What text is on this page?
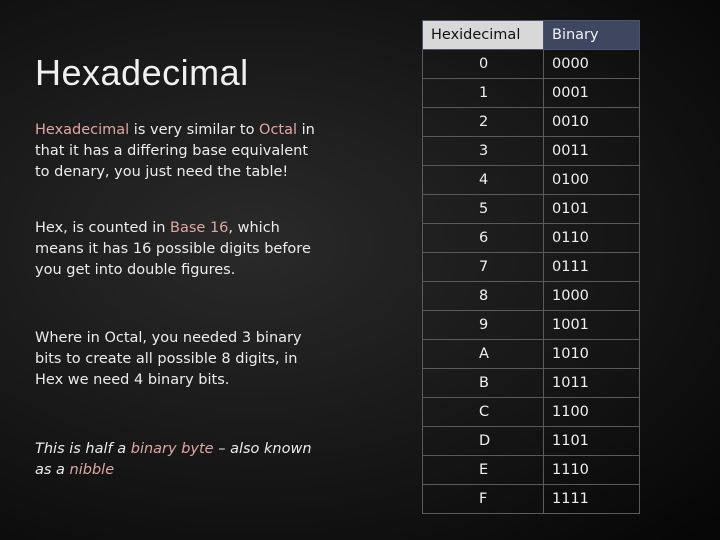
Hexadecimal

Hexadecimal is very similar to Octal in that it has a differing base equivalent to denary, you just need the table!

Hex, is counted in Base 16, which means it has 16 possible digits before you get into double figures.

Where in Octal, you needed 3 binary bits to create all possible 8 digits, in Hex we need 4 binary bits.

This is half a binary byte – also known as a nibble

Hexidecimal	Binary
0	0000
1	0001
2	0010
3	0011
4	0100
5	0101
6	0110
7	0111
8	1000
9	1001
A	1010
B	1011
C	1100
D	1101
E	1110
F	1111
